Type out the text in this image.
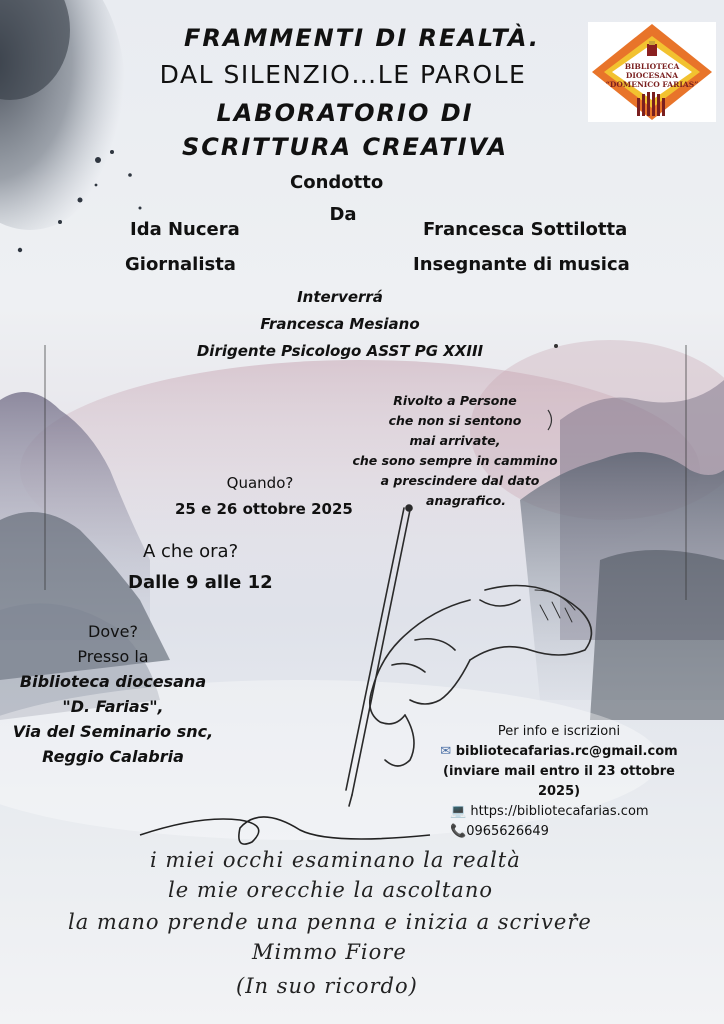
FRAMMENTI DI REALTÀ.
DAL SILENZIO…LE PAROLE
LABORATORIO DI
SCRITTURA CREATIVA
Condotto
Da
BIBLIOTECA
DIOCESANA
“DOMENICO FARIAS”
Ida Nucera
Giornalista
Francesca Sottilotta
Insegnante di musica
Interverrá
Francesca Mesiano
Dirigente Psicologo ASST PG XXIII
Rivolto a Persone
che non si sentono
mai arrivate,
che sono sempre in cammino
a prescindere dal dato
anagrafico.
Quando?
25 e 26 ottobre 2025
A che ora?
Dalle 9 alle 12
Dove?
Presso la
Biblioteca diocesana
"D. Farias",
Via del Seminario snc,
Reggio Calabria
Per info e iscrizioni
✉ bibliotecafarias.rc@gmail.com
(inviare mail entro il 23 ottobre 2025)
💻 https://bibliotecafarias.com
📞0965626649
i miei occhi esaminano la realtà
le mie orecchie la ascoltano
la mano prende una penna e inizia a scrivere
Mimmo Fiore
(In suo ricordo)
